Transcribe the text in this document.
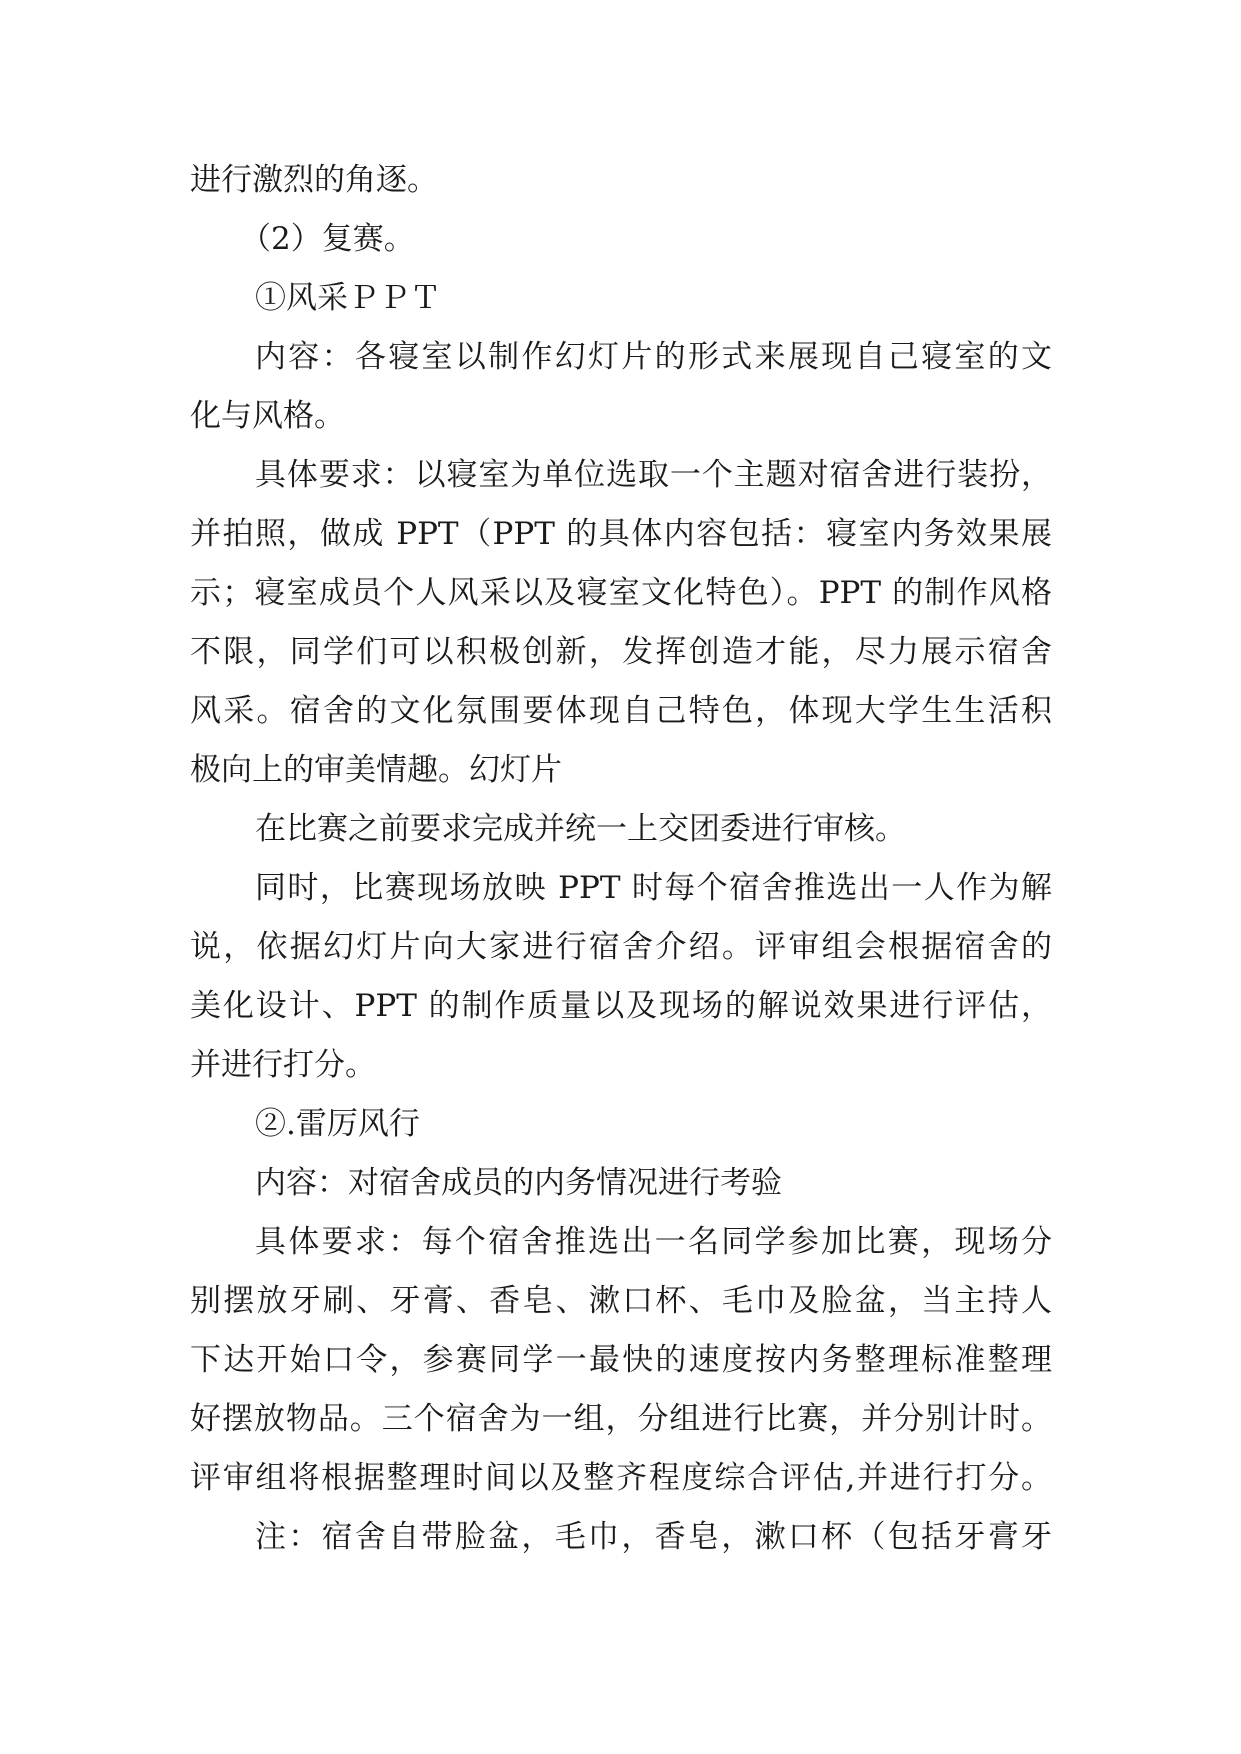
进行激烈的角逐。
（2）复赛。
①风采ＰＰＴ
内容：各寝室以制作幻灯片的形式来展现自己寝室的文
化与风格。
具体要求：以寝室为单位选取一个主题对宿舍进行装扮，
并拍照，做成 PPT（PPT 的具体内容包括：寝室内务效果展
示；寝室成员个人风采以及寝室文化特色）。PPT 的制作风格
不限，同学们可以积极创新，发挥创造才能，尽力展示宿舍
风采。宿舍的文化氛围要体现自己特色，体现大学生生活积
极向上的审美情趣。幻灯片
在比赛之前要求完成并统一上交团委进行审核。
同时，比赛现场放映 PPT 时每个宿舍推选出一人作为解
说，依据幻灯片向大家进行宿舍介绍。评审组会根据宿舍的
美化设计、PPT 的制作质量以及现场的解说效果进行评估，
并进行打分。
②.雷厉风行
内容：对宿舍成员的内务情况进行考验
具体要求：每个宿舍推选出一名同学参加比赛，现场分
别摆放牙刷、牙膏、香皂、漱口杯、毛巾及脸盆，当主持人
下达开始口令，参赛同学一最快的速度按内务整理标准整理
好摆放物品。三个宿舍为一组，分组进行比赛，并分别计时。
评审组将根据整理时间以及整齐程度综合评估,并进行打分。
注：宿舍自带脸盆，毛巾，香皂，漱口杯（包括牙膏牙
